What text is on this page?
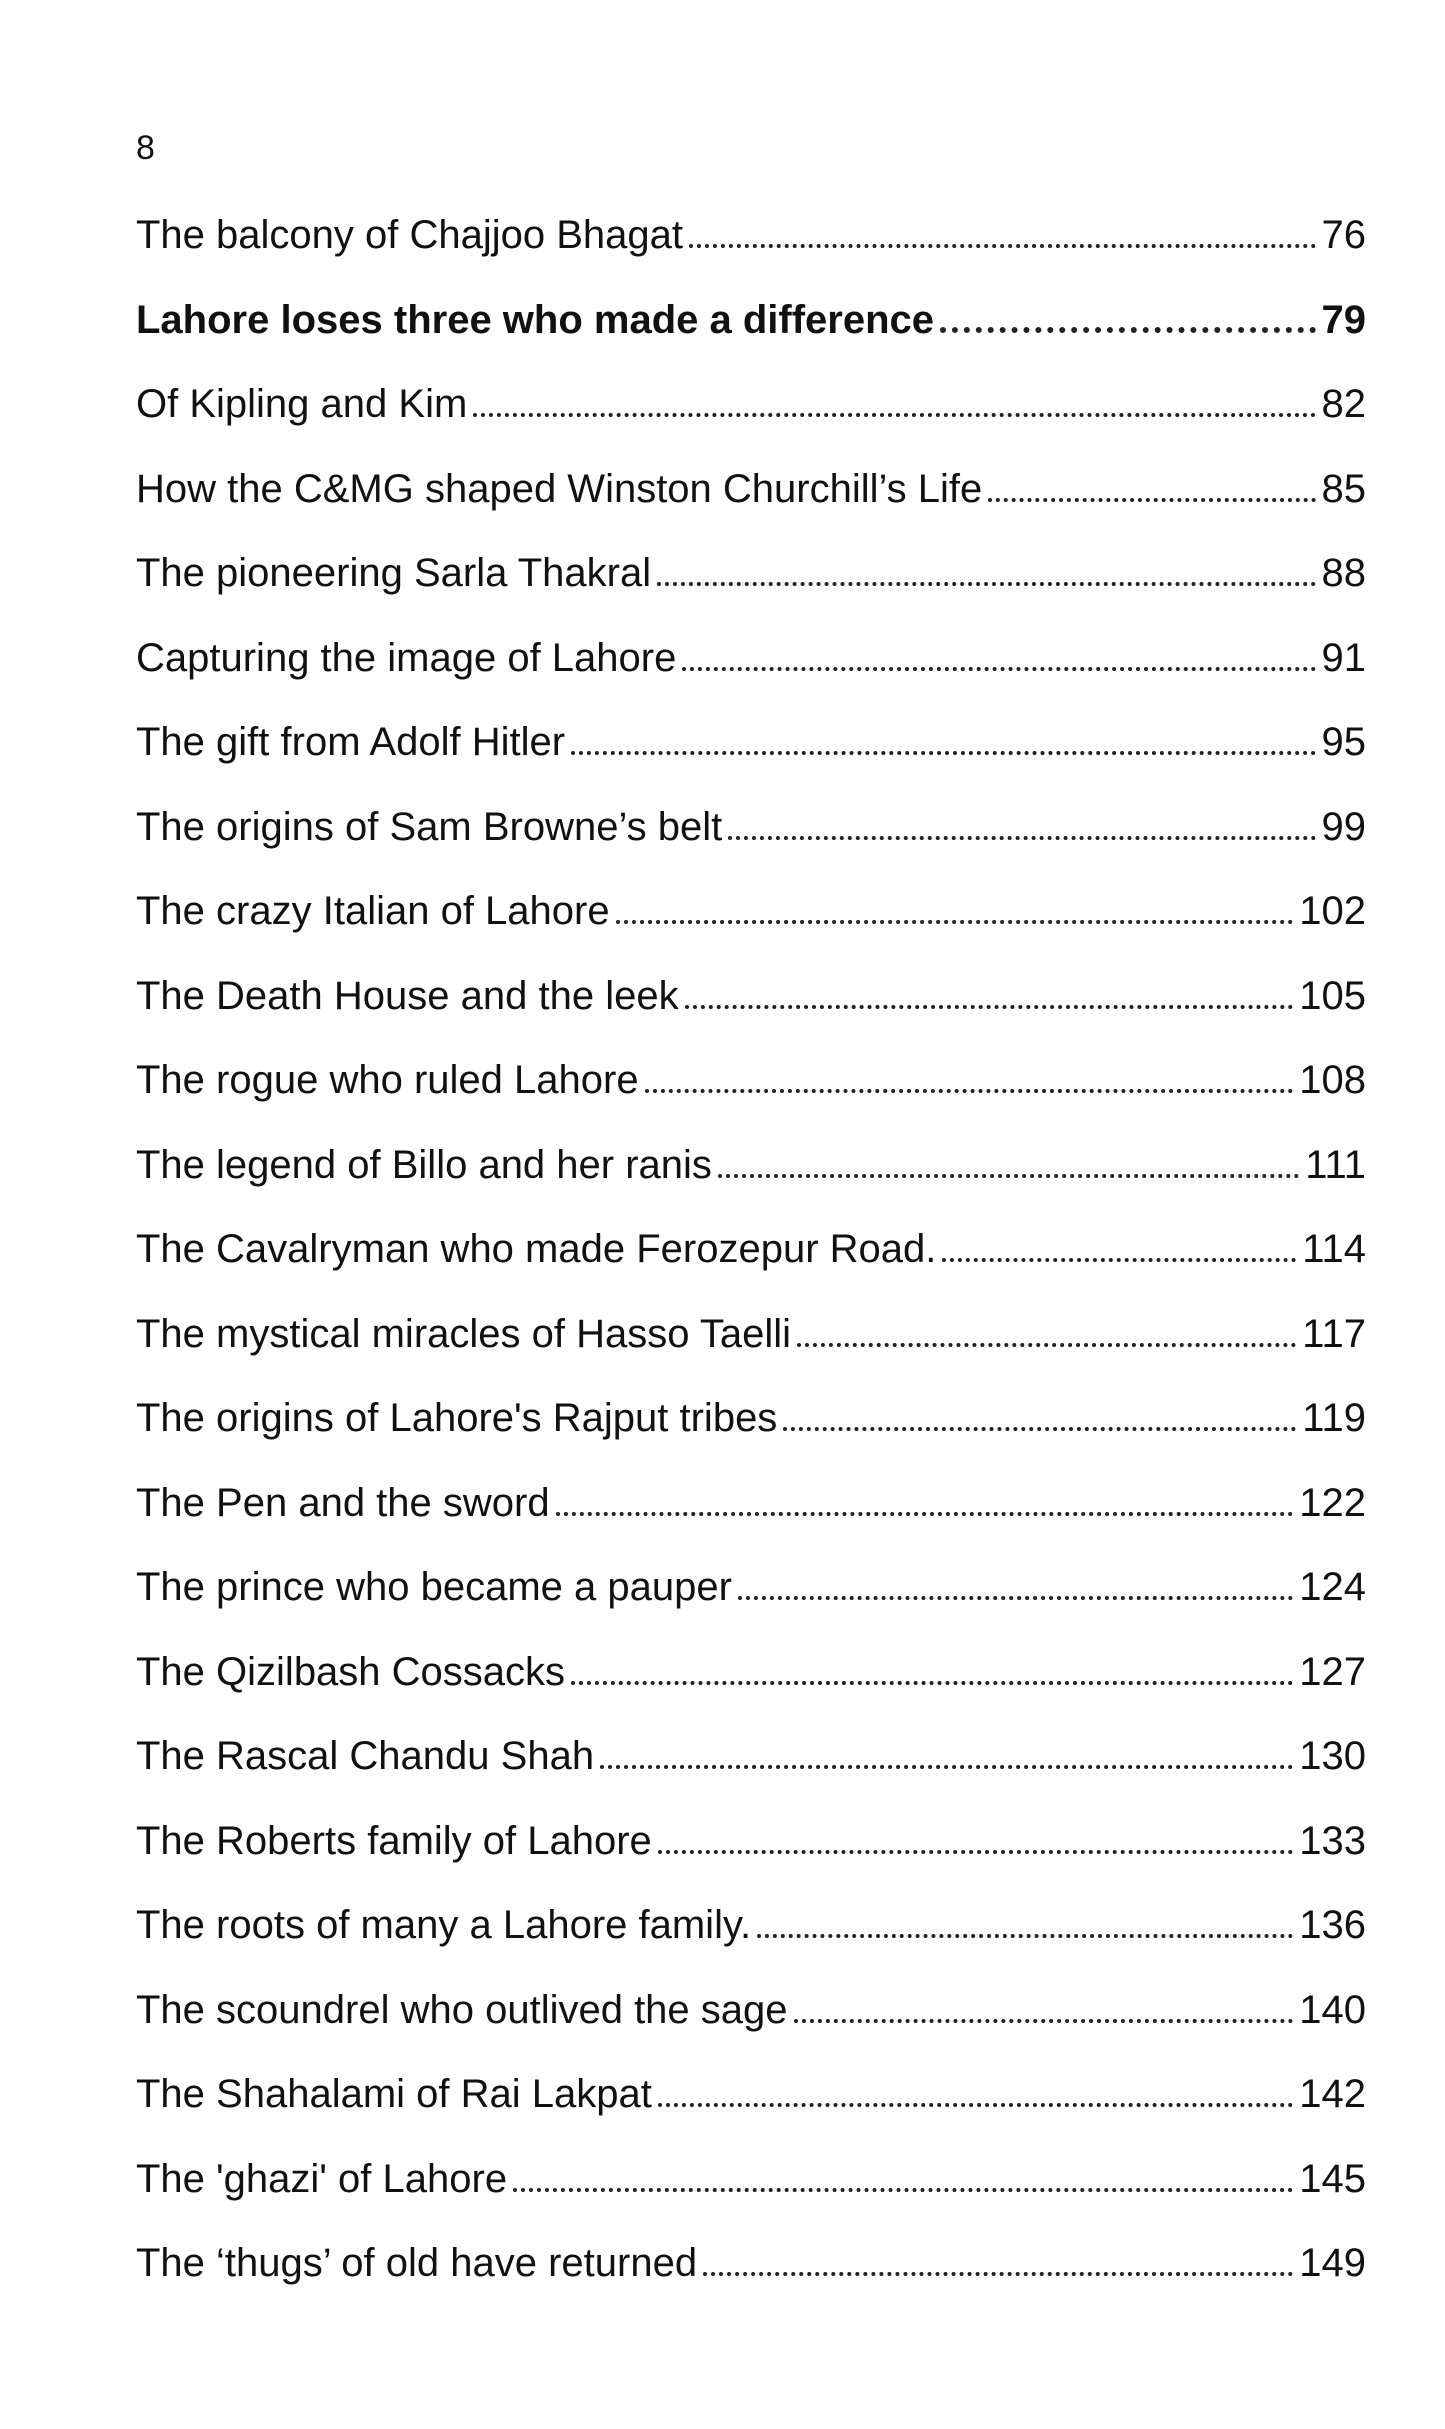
8
The balcony of Chajjoo Bhagat	76
Lahore loses three who made a difference	79
Of Kipling and Kim	82
How the C&MG shaped Winston Churchill’s Life	85
The pioneering Sarla Thakral	88
Capturing the image of Lahore	91
The gift from Adolf Hitler	95
The origins of Sam Browne’s belt	99
The crazy Italian of Lahore	102
The Death House and the leek	105
The rogue who ruled Lahore	108
The legend of Billo and her ranis	111
The Cavalryman who made Ferozepur Road.	114
The mystical miracles of Hasso Taelli	117
The origins of Lahore's Rajput tribes	119
The Pen and the sword	122
The prince who became a pauper	124
The Qizilbash Cossacks	127
The Rascal Chandu Shah	130
The Roberts family of Lahore	133
The roots of many a Lahore family.	136
The scoundrel who outlived the sage	140
The Shahalami of Rai Lakpat	142
The 'ghazi' of Lahore	145
The ‘thugs’ of old have returned	149
